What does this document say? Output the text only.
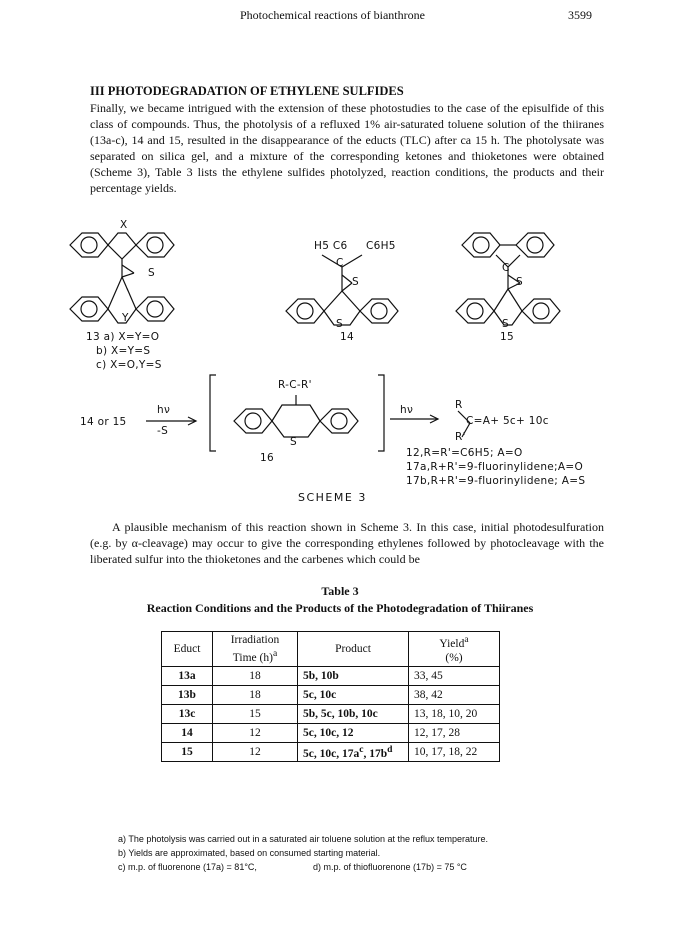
Photochemical reactions of bianthrone	3599
III PHOTODEGRADATION OF ETHYLENE SULFIDES

Finally, we became intrigued with the extension of these photostudies to the case of the episulfide of this class of compounds. Thus, the photolysis of a refluxed 1% air-saturated toluene solution of the thiiranes (13a-c), 14 and 15, resulted in the disappearance of the educts (TLC) after ca 15 h. The photolysate was separated on silica gel, and a mixture of the corresponding ketones and thioketones were obtained (Scheme 3), Table 3 lists the ethylene sulfides photolyzed, reaction conditions, the products and their percentage yields.

X
Y
S
H5 C6 C6H5
C
S
S
C
S
S
13 a) X=Y=O
b) X=Y=S
c) X=O,Y=S
14	15
14 or 15
hν
-S
R-C-R'
S
16
hν	R
C=A+ 5c+ 10c
R'
12,R=R'=C6H5; A=O
17a,R+R'=9-fluorinylidene;A=O
17b,R+R'=9-fluorinylidene; A=S
SCHEME 3

A plausible mechanism of this reaction shown in Scheme 3. In this case, initial photodesulfuration (e.g. by α-cleavage) may occur to give the corresponding ethylenes followed by photocleavage with the liberated sulfur into the thioketones and the carbenes which could be

Table 3
Reaction Conditions and the Products of the Photodegradation of Thiiranes
Educt	Irradiation Time $(h)^a$	Product	Yield$^a$
(%)
13a	18	5b, 10b	33, 45
13b	18	5c, 10c	38, 42
13c	15	5b, 5c, 10b, 10c	13, 18, 10, 20
14	12	5c, 10c, 12	12, 17, 28
15	12	5c, 10c, $17a^c$, $17b^d$	10, 17, 18, 22
a) The photolysis was carried out in a saturated air toluene solution at the reflux temperature.
b) Yields are approximated, based on consumed starting material.
c) m.p. of fluorenone (17a) = 81°C,	d) m.p. of thiofluorenone (17b) = 75 °C
